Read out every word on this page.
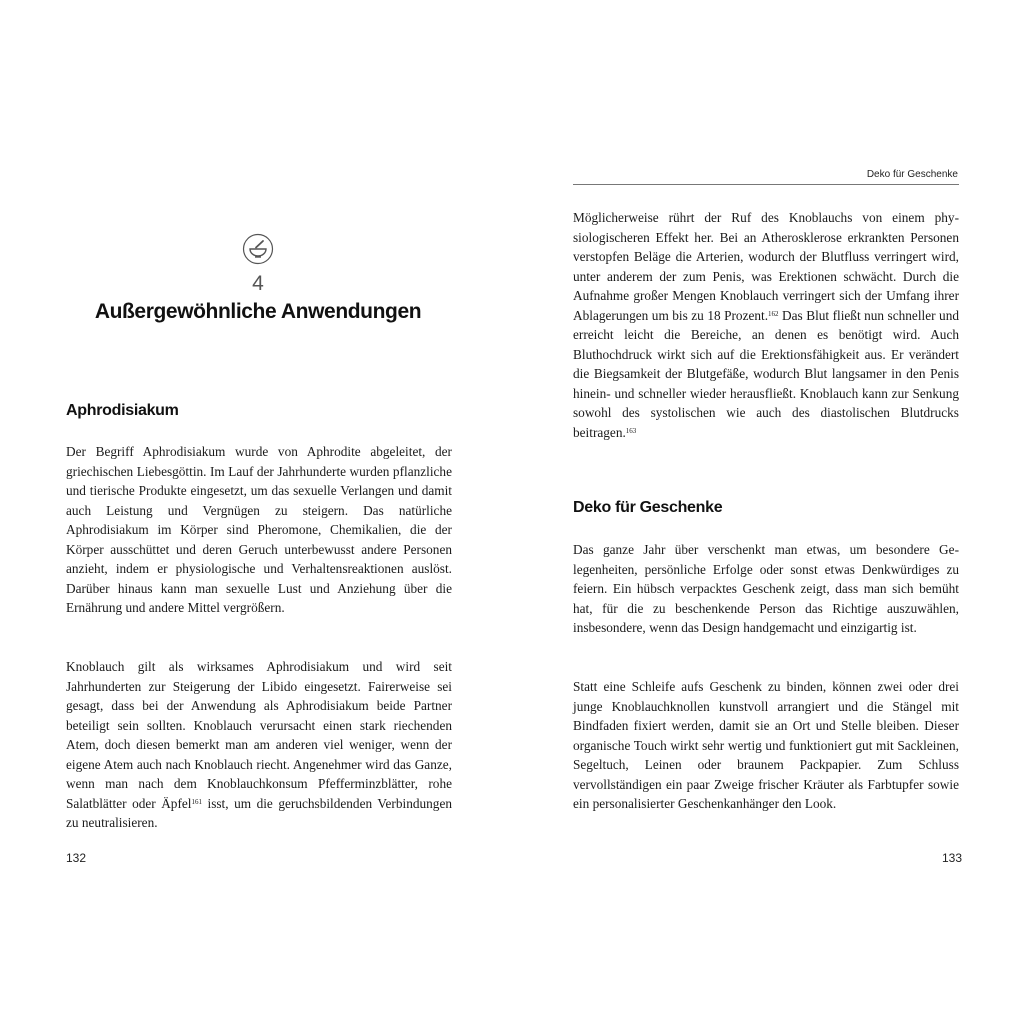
4
Außergewöhnliche Anwendungen
Aphrodisiakum

Der Begriff Aphrodisiakum wurde von Aphrodite abgeleitet, der griechischen Liebesgöttin. Im Lauf der Jahrhunderte wurden pflanzliche und tierische Produkte eingesetzt, um das sexuelle Verlangen und damit auch Leistung und Vergnügen zu steigern. Das natürliche Aphrodisiakum im Körper sind Pheromone, Chemikalien, die der Körper ausschüttet und deren Geruch unterbewusst andere Personen anzieht, indem er physiologische und Verhaltensreaktionen auslöst. Darüber hinaus kann man sexuelle Lust und Anziehung über die Ernährung und andere Mittel vergrößern.

Knoblauch gilt als wirksames Aphrodisiakum und wird seit Jahrhunderten zur Steigerung der Libido eingesetzt. Fairerweise sei gesagt, dass bei der Anwendung als Aphrodisiakum beide Partner beteiligt sein sollten. Knoblauch verursacht einen stark riechenden Atem, doch diesen bemerkt man am anderen viel weniger, wenn der eigene Atem auch nach Knoblauch riecht. Angenehmer wird das Ganze, wenn man nach dem Knoblauchkonsum Pfefferminzblätter, rohe Salatblätter oder Äpfel$^{161}$ isst, um die geruchsbildenden Verbindungen zu neutralisieren.

132
Deko für Geschenke

Möglicherweise rührt der Ruf des Knoblauchs von einem physiologischeren Effekt her. Bei an Atherosklerose erkrankten Personen verstopfen Beläge die Arterien, wodurch der Blutfluss verringert wird, unter anderem der zum Penis, was Erektionen schwächt. Durch die Aufnahme großer Mengen Knoblauch verringert sich der Umfang ihrer Ablagerungen um bis zu 18 Prozent.$^{162}$ Das Blut fließt nun schneller und erreicht leicht die Bereiche, an denen es benötigt wird. Auch Bluthochdruck wirkt sich auf die Erektionsfähigkeit aus. Er verändert die Biegsamkeit der Blutgefäße, wodurch Blut langsamer in den Penis hinein- und schneller wieder herausfließt. Knoblauch kann zur Senkung sowohl des systolischen wie auch des diastolischen Blutdrucks beitragen.$^{163}$

Deko für Geschenke

Das ganze Jahr über verschenkt man etwas, um besondere Gelegenheiten, persönliche Erfolge oder sonst etwas Denkwürdiges zu feiern. Ein hübsch verpacktes Geschenk zeigt, dass man sich bemüht hat, für die zu beschenkende Person das Richtige auszuwählen, insbesondere, wenn das Design handgemacht und einzigartig ist.

Statt eine Schleife aufs Geschenk zu binden, können zwei oder drei junge Knoblauchknollen kunstvoll arrangiert und die Stängel mit Bindfaden fixiert werden, damit sie an Ort und Stelle bleiben. Dieser organische Touch wirkt sehr wertig und funktioniert gut mit Sackleinen, Segeltuch, Leinen oder braunem Packpapier. Zum Schluss vervollständigen ein paar Zweige frischer Kräuter als Farbtupfer sowie ein personalisierter Geschenkanhänger den Look.

133
